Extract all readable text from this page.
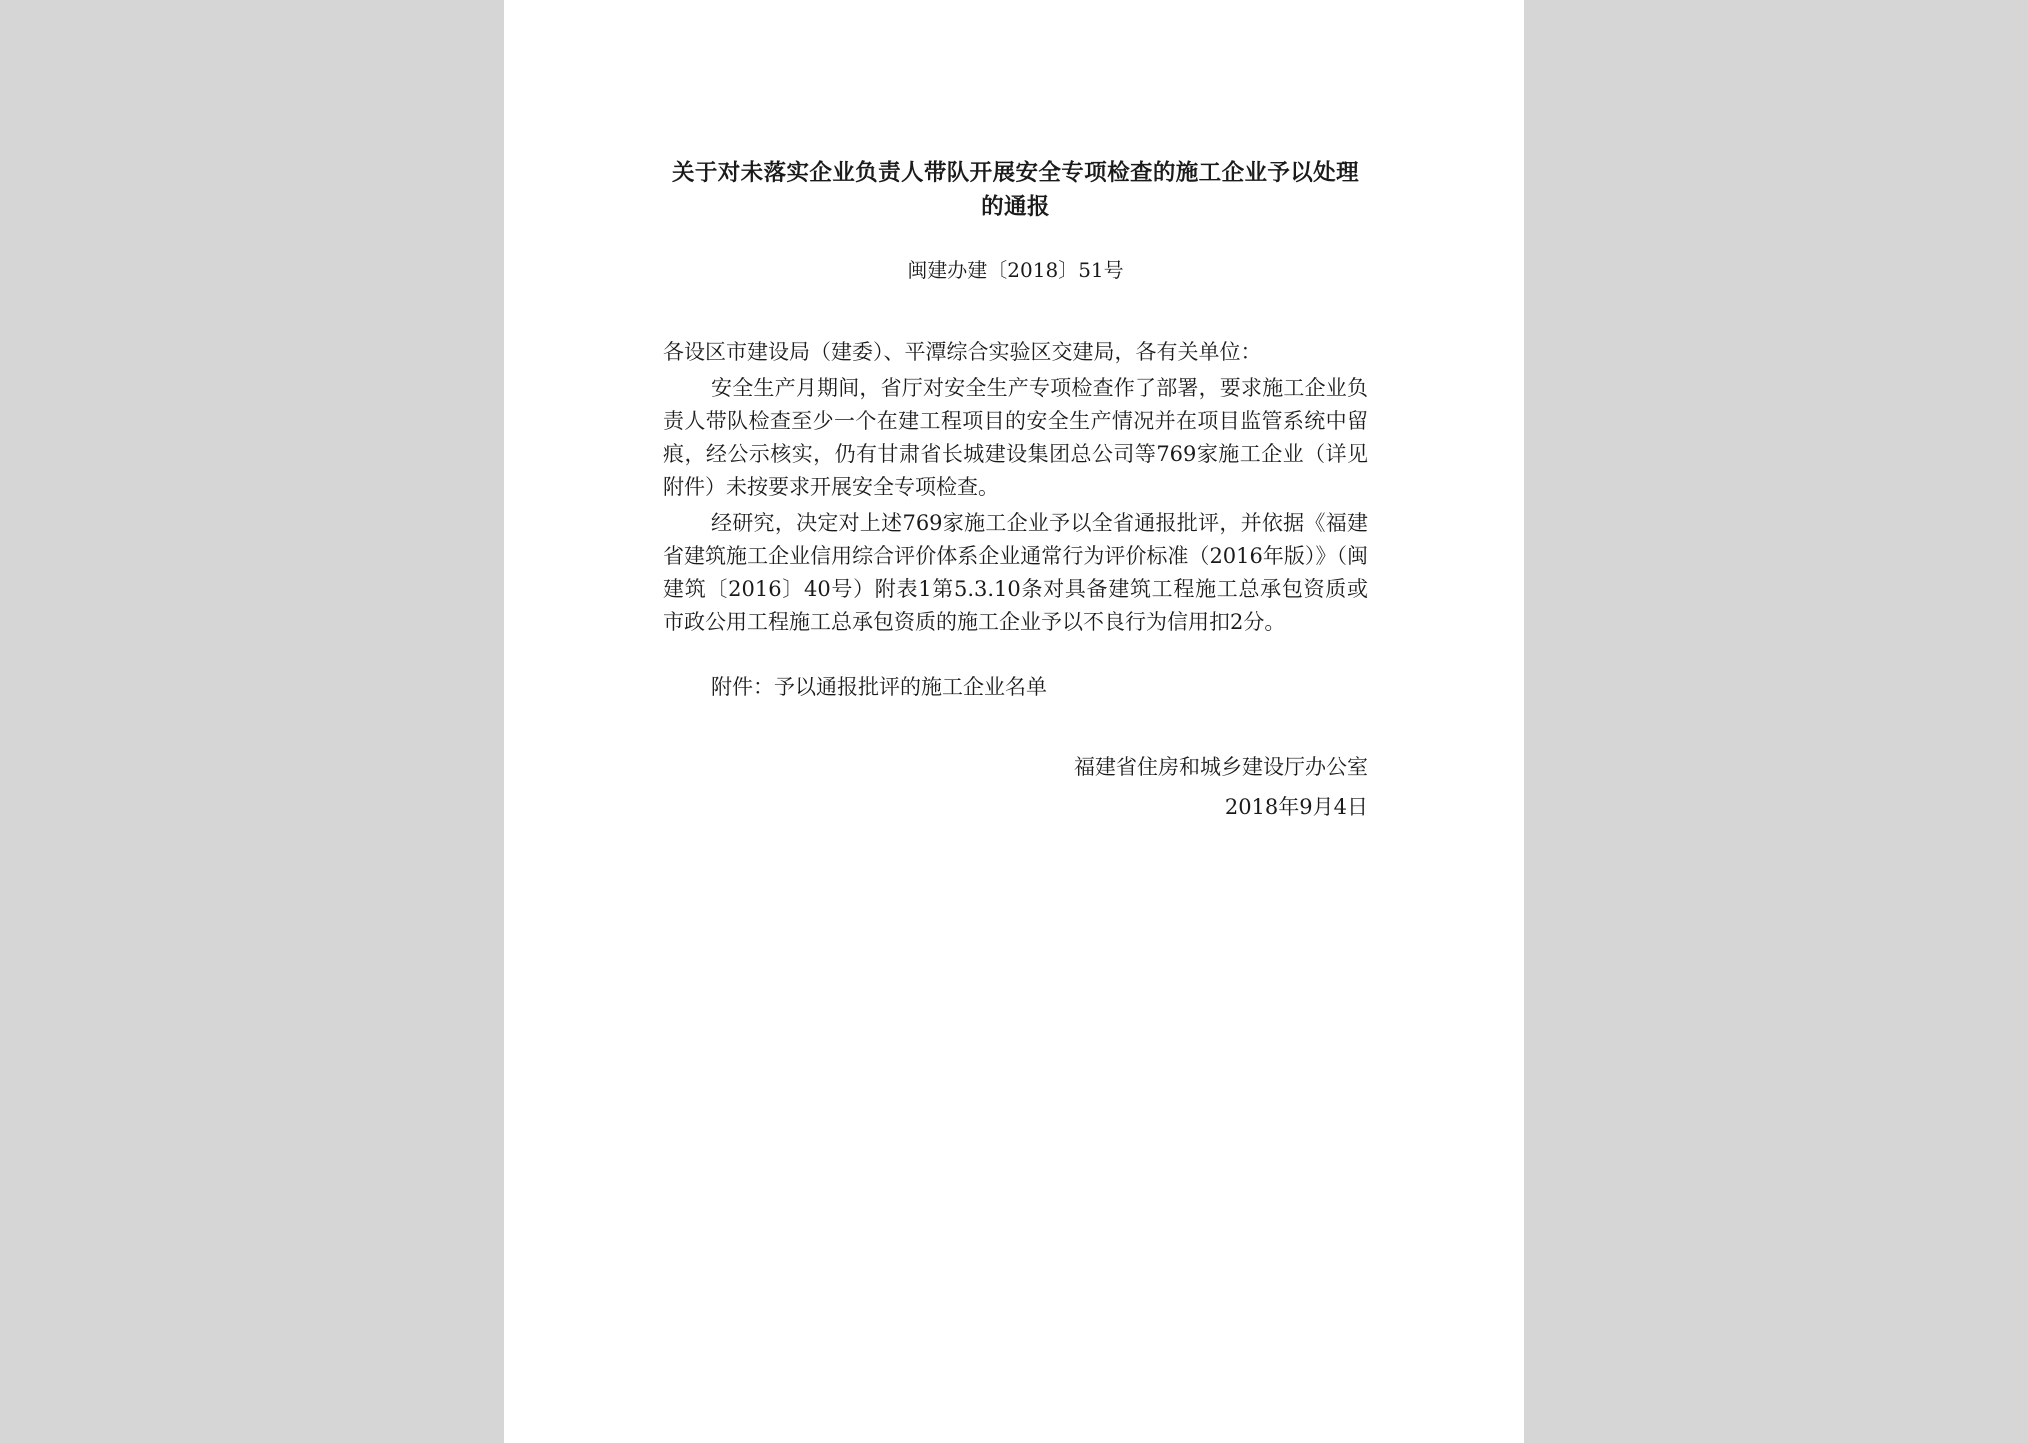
关于对未落实企业负责人带队开展安全专项检查的施工企业予以处理的通报
闽建办建〔2018〕51号
各设区市建设局（建委）、平潭综合实验区交建局，各有关单位：

安全生产月期间，省厅对安全生产专项检查作了部署，要求施工企业负责人带队检查至少一个在建工程项目的安全生产情况并在项目监管系统中留痕，经公示核实，仍有甘肃省长城建设集团总公司等769家施工企业（详见附件）未按要求开展安全专项检查。

经研究，决定对上述769家施工企业予以全省通报批评，并依据《福建省建筑施工企业信用综合评价体系企业通常行为评价标准（2016年版）》（闽建筑〔2016〕40号）附表1第5.3.10条对具备建筑工程施工总承包资质或市政公用工程施工总承包资质的施工企业予以不良行为信用扣2分。

附件：予以通报批评的施工企业名单
福建省住房和城乡建设厅办公室
2018年9月4日
